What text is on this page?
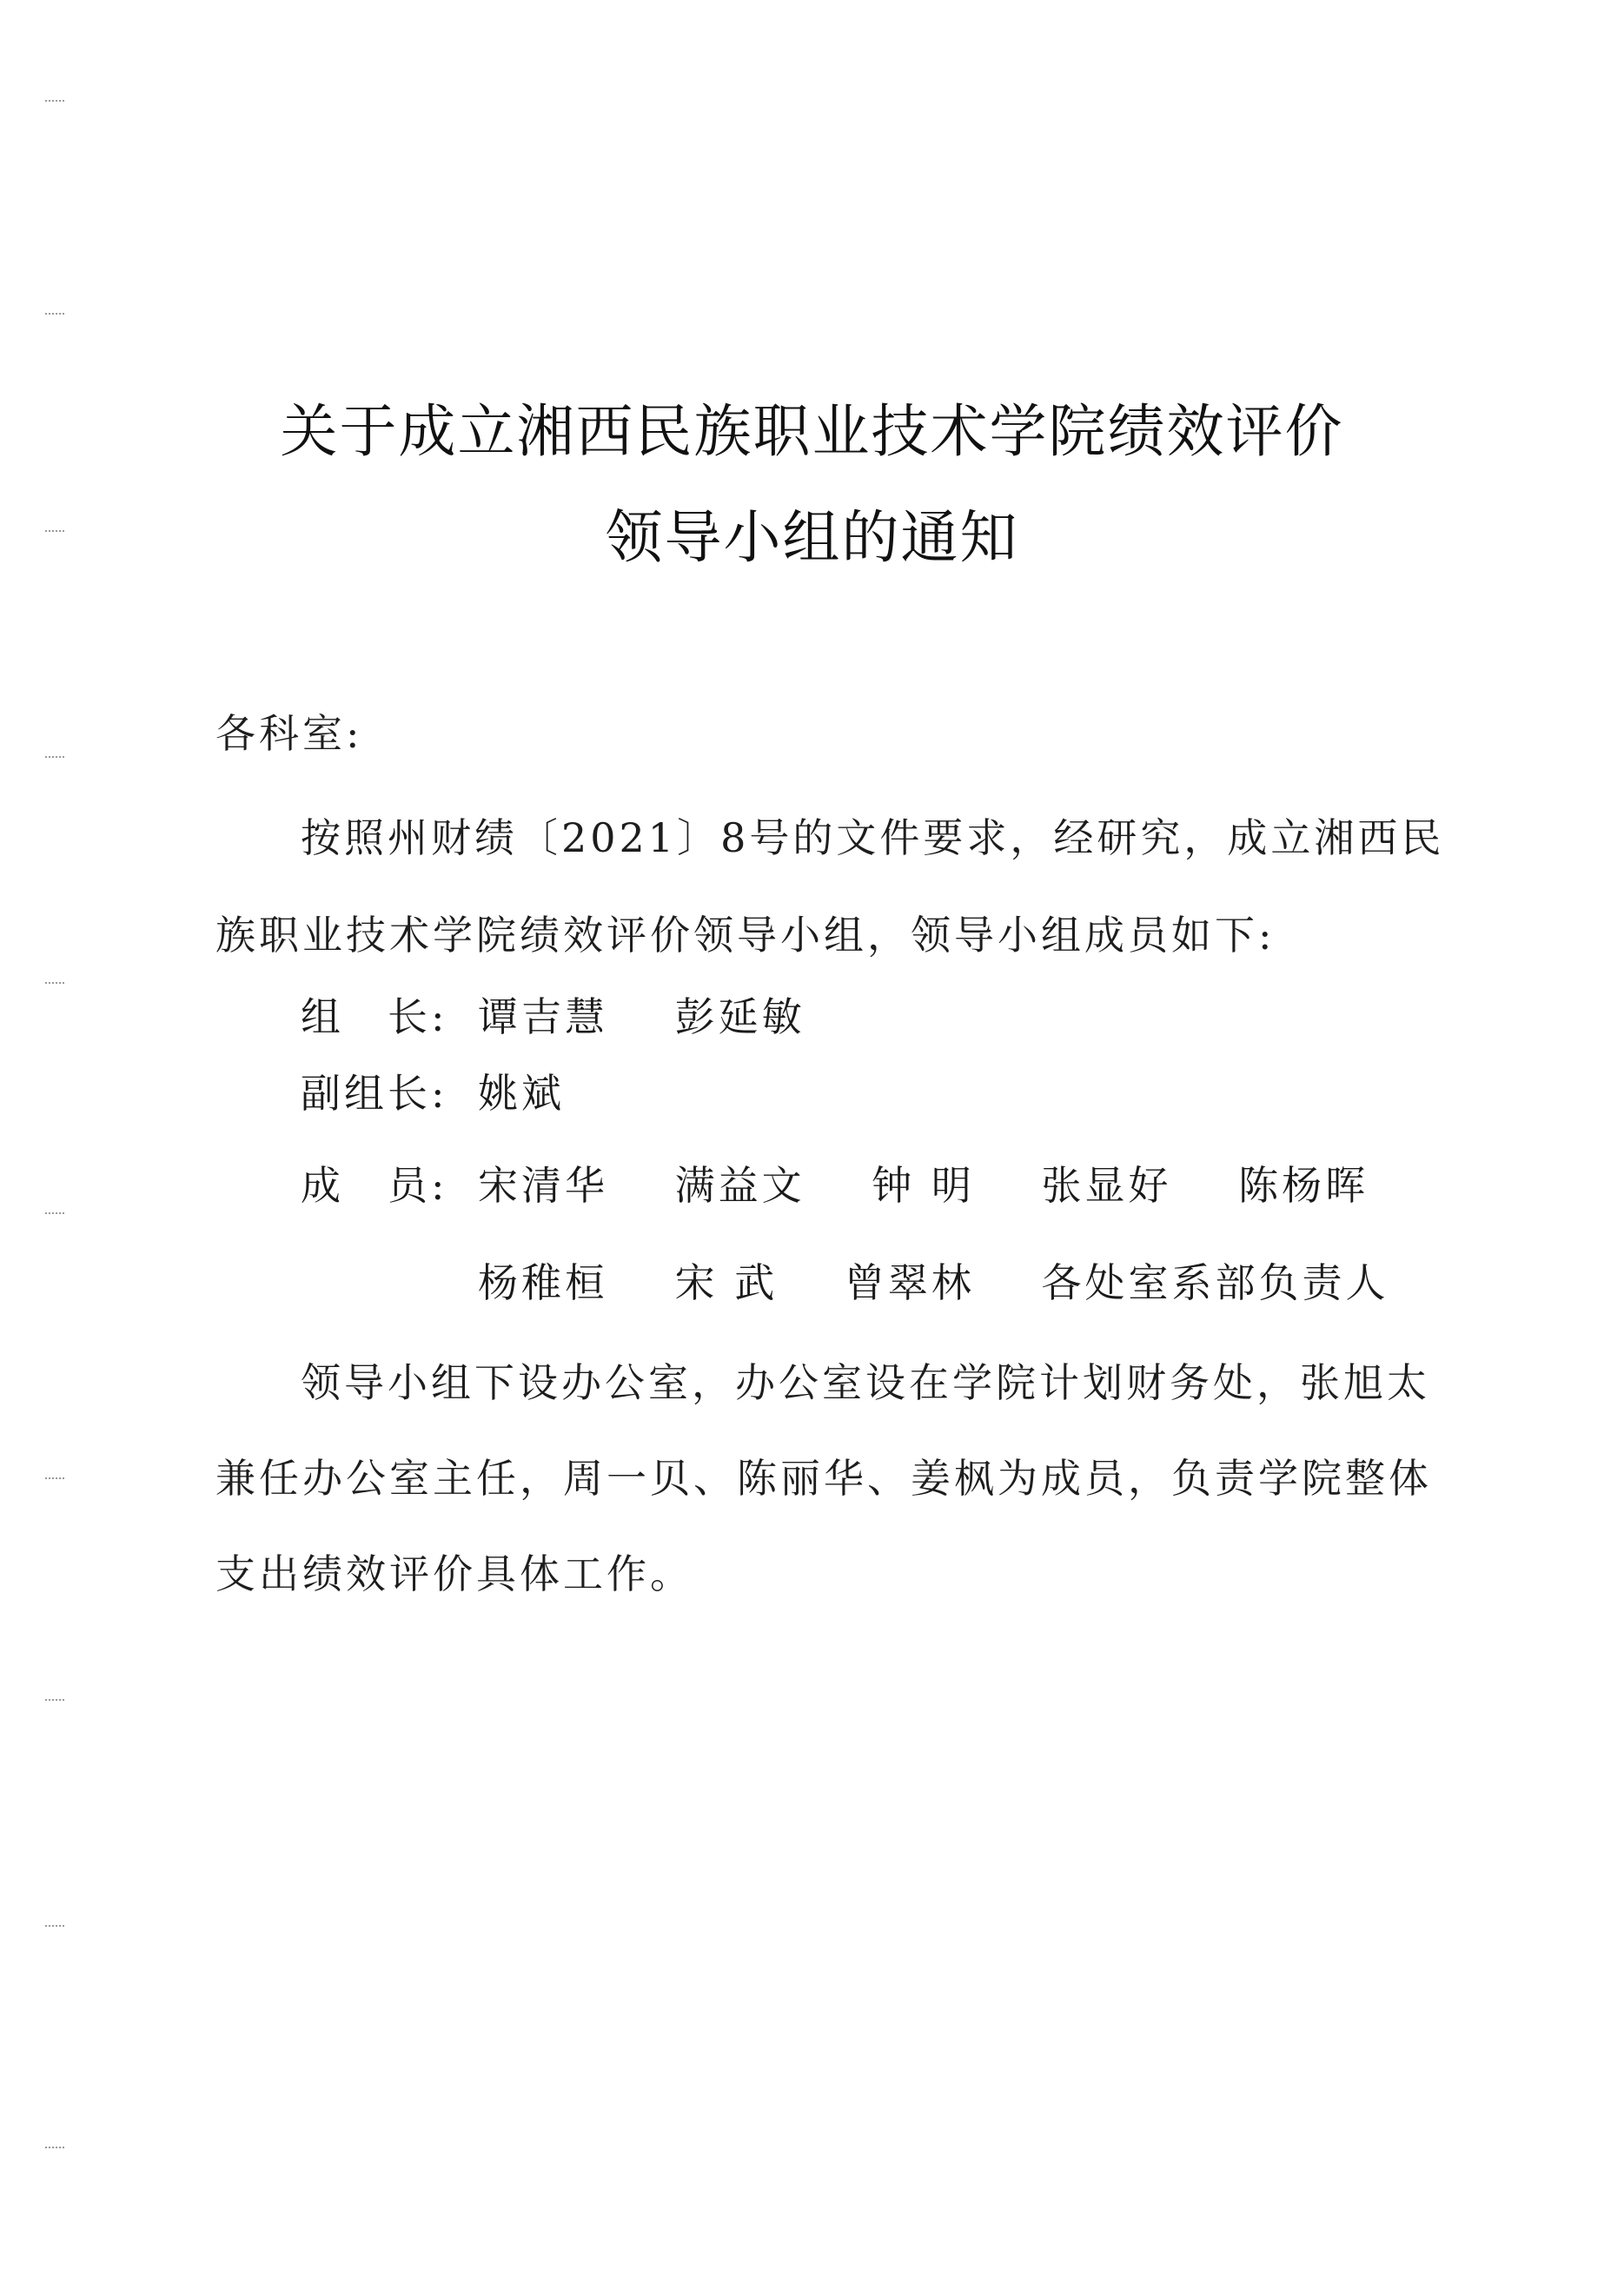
关于成立湘西民族职业技术学院绩效评价
领导小组的通知
各科室:
按照州财绩〔2021〕8号的文件要求，经研究，成立湘西民
族职业技术学院绩效评价领导小组，领导小组成员如下:
组　长: 谭吉慧 彭延敏
副组长: 姚斌
成　员: 宋清华 满益文 钟 明 张显好 陈杨晖
杨稚桓 宋 武 曾翠林 各处室系部负责人
领导小组下设办公室，办公室设在学院计划财务处，张旭太
兼任办公室主任，周一贝、陈丽华、姜枫为成员，负责学院整体
支出绩效评价具体工作。
